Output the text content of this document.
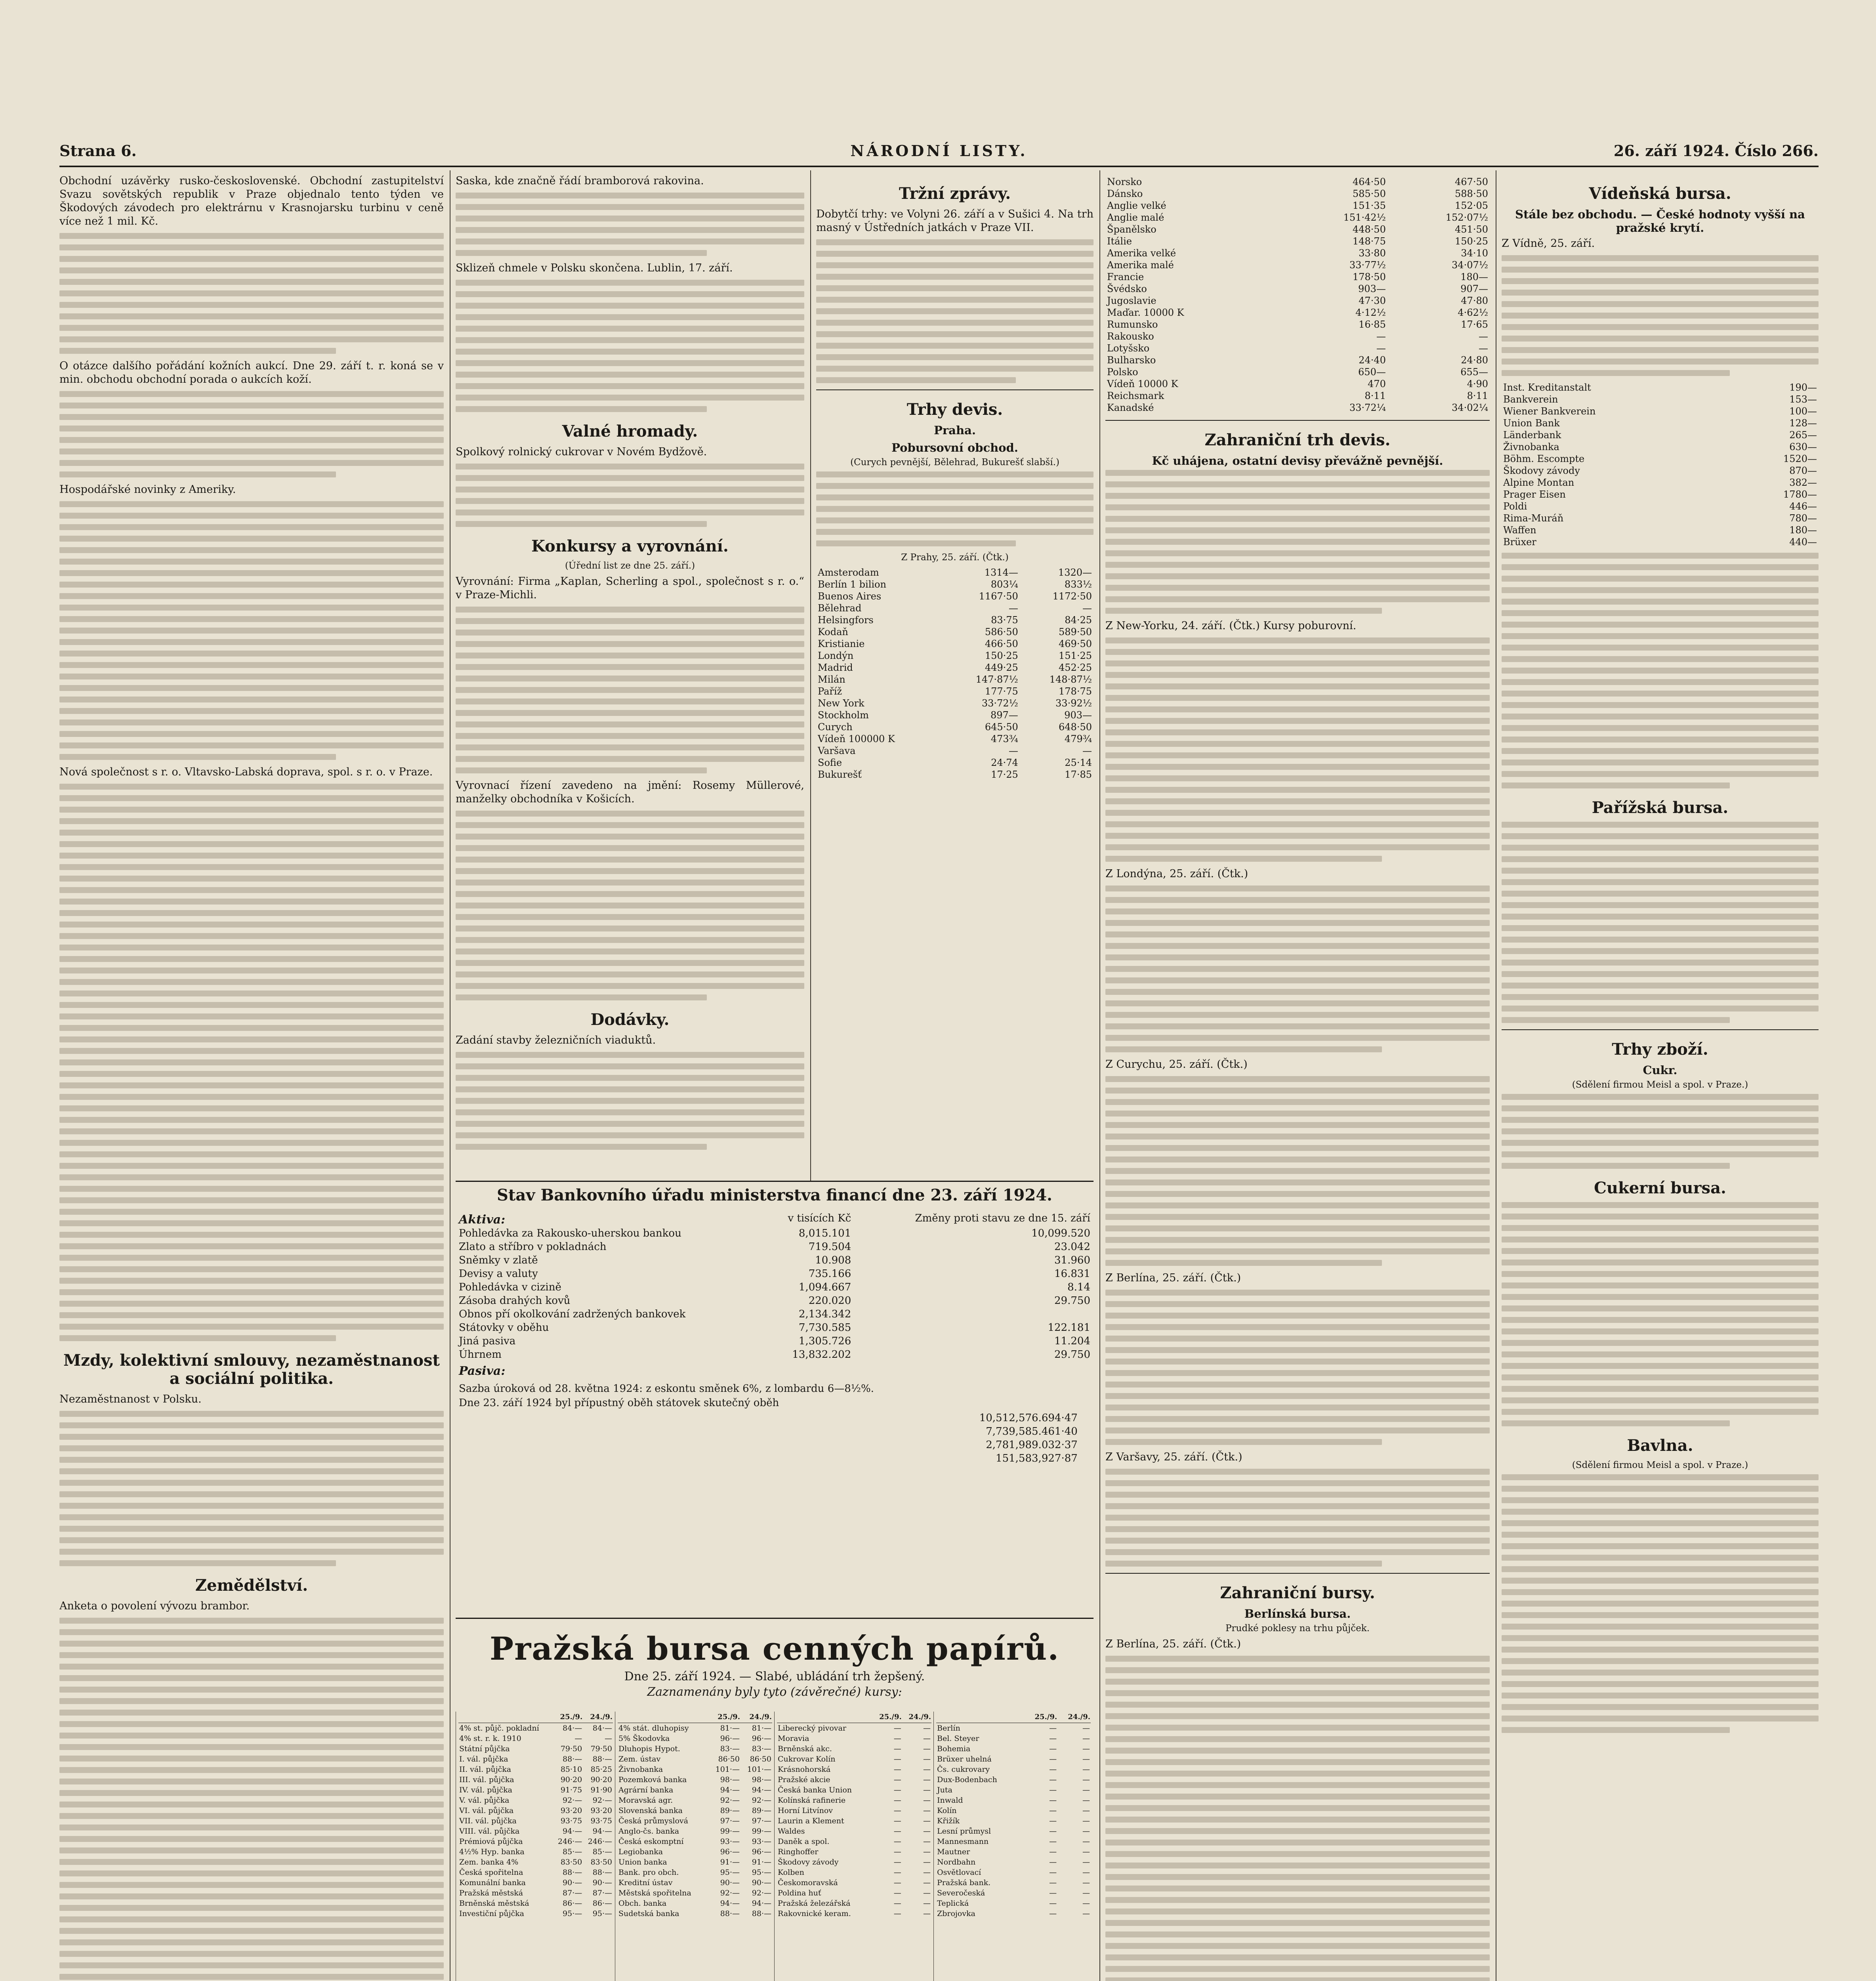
Strana 6.	NÁRODNÍ LISTY.	26. září 1924. Číslo 266.

Obchodní uzávěrky rusko-československé. Obchodní zastupitelství Svazu sovětských republik v Praze objednalo tento týden ve Škodových závodech pro elektrárnu v Krasnojarsku turbinu v ceně více než 1 mil. Kč.

O otázce dalšího pořádání kožních aukcí. Dne 29. září t. r. koná se v min. obchodu obchodní porada o aukcích koží.

Hospodářské novinky z Ameriky.

Nová společnost s r. o. Vltavsko-Labská doprava, spol. s r. o. v Praze.

Mzdy, kolektivní smlouvy, nezaměstnanost a sociální politika.

Nezaměstnanost v Polsku.

Zemědělství.

Anketa o povolení vývozu brambor.

Saska, kde značně řádí bramborová rakovina.

Sklizeň chmele v Polsku skončena. Lublin, 17. září.

Valné hromady.

Spolkový rolnický cukrovar v Novém Bydžově.

Konkursy a vyrovnání.

(Úřední list ze dne 25. září.)

Vyrovnání: Firma „Kaplan, Scherling a spol., společnost s r. o.“ v Praze-Michli.

Vyrovnací řízení zavedeno na jmění: Rosemy Müllerové, manželky obchodníka v Košicích.

Dodávky.

Zadání stavby železničních viaduktů.

Tržní zprávy.

Dobytčí trhy: ve Volyni 26. září a v Sušici 4. Na trh masný v Ústředních jatkách v Praze VII.

Trhy devis.
Praha.
Pobursovní obchod.

(Curych pevnější, Bělehrad, Bukurešť slabší.)

Z Prahy, 25. září. (Čtk.)

Amsterodam	1314—	1320—
Berlín 1 bilion	803¼	833½
Buenos Aires	1167·50	1172·50
Bělehrad	—	—
Helsingfors	83·75	84·25
Kodaň	586·50	589·50
Kristianie	466·50	469·50
Londýn	150·25	151·25
Madrid	449·25	452·25
Milán	147·87½	148·87½
Paříž	177·75	178·75
New York	33·72½	33·92½
Stockholm	897—	903—
Curych	645·50	648·50
Vídeň 100000 K	473¾	479¾
Varšava	—	—
Sofie	24·74	25·14
Bukurešť	17·25	17·85
Norsko	464·50	467·50
Dánsko	585·50	588·50
Anglie velké	151·35	152·05
Anglie malé	151·42½	152·07½
Španělsko	448·50	451·50
Itálie	148·75	150·25
Amerika velké	33·80	34·10
Amerika malé	33·77½	34·07½
Francie	178·50	180—
Švédsko	903—	907—
Jugoslavie	47·30	47·80
Maďar. 10000 K	4·12½	4·62½
Rumunsko	16·85	17·65
Rakousko	—	—
Lotyšsko	—	—
Bulharsko	24·40	24·80
Polsko	650—	655—
Vídeň 10000 K	470	4·90
Reichsmark	8·11	8·11
Kanadské	33·72¼	34·02¼
Zahraniční trh devis.
Kč uhájena, ostatní devisy převážně pevnější.

Z New-Yorku, 24. září. (Čtk.) Kursy poburovní.

Z Londýna, 25. září. (Čtk.)

Z Curychu, 25. září. (Čtk.)

Z Berlína, 25. září. (Čtk.)

Z Varšavy, 25. září. (Čtk.)

Zahraniční bursy.
Berlínská bursa.

Prudké poklesy na trhu půjček.

Z Berlína, 25. září. (Čtk.)

Vídeňská bursa.
Stále bez obchodu. — České hodnoty vyšší na pražské krytí.

Z Vídně, 25. září.

Inst. Kreditanstalt	190—
Bankverein	153—
Wiener Bankverein	100—
Union Bank	128—
Länderbank	265—
Živnobanka	630—
Böhm. Escompte	1520—
Škodovy závody	870—
Alpine Montan	382—
Prager Eisen	1780—
Poldi	446—
Rima-Muráň	780—
Waffen	180—
Brüxer	440—
Pařížská bursa.
Trhy zboží.
Cukr.

(Sdělení firmou Meisl a spol. v Praze.)

Cukerní bursa.
Bavlna.

(Sdělení firmou Meisl a spol. v Praze.)

Stav Bankovního úřadu ministerstva financí dne 23. září 1924.
Aktiva:	v tisících Kč	Změny proti stavu ze dne 15. září
Pohledávka za Rakousko-uherskou bankou	8,015.101	10,099.520
Zlato a stříbro v pokladnách	719.504	23.042
Sněmky v zlatě	10.908	31.960
Devisy a valuty	735.166	16.831
Pohledávka v cizině	1,094.667	8.14
Zásoba drahých kovů	220.020	29.750
Obnos pří okolkování zadržených bankovek	2,134.342	
Státovky v oběhu	7,730.585	122.181
Jiná pasiva	1,305.726	11.204
Úhrnem	13,832.202	29.750
Pasiva:		

Sazba úroková od 28. května 1924: z eskontu směnek 6%, z lombardu 6—8½%.

Dne 23. září 1924 byl přípustný oběh státovek skutečný oběh

10,512,576.694·47
7,739,585.461·40
2,781,989.032·37
151,583,927·87
Pražská bursa cenných papírů.
Dne 25. září 1924. — Slabé, ubládání trh žepšený.
Zaznamenány byly tyto (závěrečné) kursy:
	25./9.	24./9.
4% st. půjč. pokladní	84·—	84·—
4% st. r. k. 1910	—	—
Státní půjčka	79·50	79·50
I. vál. půjčka	88·—	88·—
II. vál. půjčka	85·10	85·25
III. vál. půjčka	90·20	90·20
IV. vál. půjčka	91·75	91·90
V. vál. půjčka	92·—	92·—
VI. vál. půjčka	93·20	93·20
VII. vál. půjčka	93·75	93·75
VIII. vál. půjčka	94·—	94·—
Prémiová půjčka	246·—	246·—
4½% Hyp. banka	85·—	85·—
Zem. banka 4%	83·50	83·50
Česká spořitelna	88·—	88·—
Komunální banka	90·—	90·—
Pražská městská	87·—	87·—
Brněnská městská	86·—	86·—
Investiční půjčka	95·—	95·—
	25./9.	24./9.
4% stát. dluhopisy	81·—	81·—
5% Škodovka	96·—	96·—
Dluhopis Hypot.	83·—	83·—
Zem. ústav	86·50	86·50
Živnobanka	101·—	101·—
Pozemková banka	98·—	98·—
Agrární banka	94·—	94·—
Moravská agr.	92·—	92·—
Slovenská banka	89·—	89·—
Česká průmyslová	97·—	97·—
Anglo-čs. banka	99·—	99·—
Česká eskomptní	93·—	93·—
Legiobanka	96·—	96·—
Union banka	91·—	91·—
Bank. pro obch.	95·—	95·—
Kreditní ústav	90·—	90·—
Městská spořitelna	92·—	92·—
Obch. banka	94·—	94·—
Sudetská banka	88·—	88·—
	25./9.	24./9.
Liberecký pivovar	—	—
Moravia	—	—
Brněnská akc.	—	—
Cukrovar Kolín	—	—
Krásnohorská	—	—
Pražské akcie	—	—
Česká banka Union	—	—
Kolínská rafinerie	—	—
Horní Litvínov	—	—
Laurin a Klement	—	—
Waldes	—	—
Daněk a spol.	—	—
Ringhoffer	—	—
Škodovy závody	—	—
Kolben	—	—
Českomoravská	—	—
Poldina huť	—	—
Pražská železářská	—	—
Rakovnické keram.	—	—
	25./9.	24./9.
Berlín	—	—
Bel. Steyer	—	—
Bohemia	—	—
Brüxer uhelná	—	—
Čs. cukrovary	—	—
Dux-Bodenbach	—	—
Juta	—	—
Inwald	—	—
Kolín	—	—
Křižík	—	—
Lesní průmysl	—	—
Mannesmann	—	—
Mautner	—	—
Nordbahn	—	—
Osvětlovací	—	—
Pražská bank.	—	—
Severočeská	—	—
Teplická	—	—
Zbrojovka	—	—
